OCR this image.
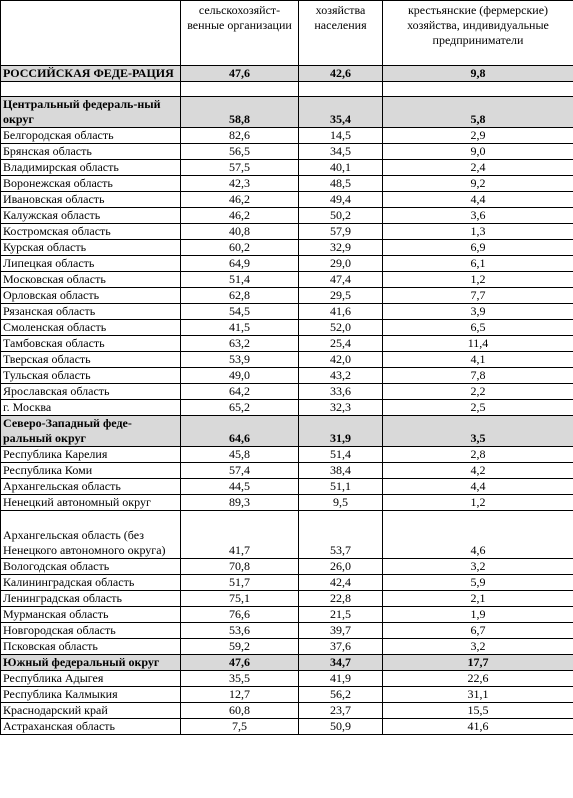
	сельскохозяйст-венные организации	хозяйства населения	крестьянские (фермерские) хозяйства, индивидуальные предприниматели
РОССИЙСКАЯ ФЕДЕ-РАЦИЯ	47,6	42,6	9,8

Центральный федераль-ный округ	58,8	35,4	5,8
Белгородская область	82,6	14,5	2,9
Брянская область	56,5	34,5	9,0
Владимирская область	57,5	40,1	2,4
Воронежская область	42,3	48,5	9,2
Ивановская область	46,2	49,4	4,4
Калужская область	46,2	50,2	3,6
Костромская область	40,8	57,9	1,3
Курская область	60,2	32,9	6,9
Липецкая область	64,9	29,0	6,1
Московская область	51,4	47,4	1,2
Орловская область	62,8	29,5	7,7
Рязанская область	54,5	41,6	3,9
Смоленская область	41,5	52,0	6,5
Тамбовская область	63,2	25,4	11,4
Тверская область	53,9	42,0	4,1
Тульская область	49,0	43,2	7,8
Ярославская область	64,2	33,6	2,2
г. Москва	65,2	32,3	2,5
Северо-Западный феде-ральный округ	64,6	31,9	3,5
Республика Карелия	45,8	51,4	2,8
Республика Коми	57,4	38,4	4,2
Архангельская область	44,5	51,1	4,4
Ненецкий автономный округ	89,3	9,5	1,2
Архангельская область (без Ненецкого автономного округа)	41,7	53,7	4,6
Вологодская область	70,8	26,0	3,2
Калининградская область	51,7	42,4	5,9
Ленинградская область	75,1	22,8	2,1
Мурманская область	76,6	21,5	1,9
Новгородская область	53,6	39,7	6,7
Псковская область	59,2	37,6	3,2
Южный федеральный округ	47,6	34,7	17,7
Республика Адыгея	35,5	41,9	22,6
Республика Калмыкия	12,7	56,2	31,1
Краснодарский край	60,8	23,7	15,5
Астраханская область	7,5	50,9	41,6
